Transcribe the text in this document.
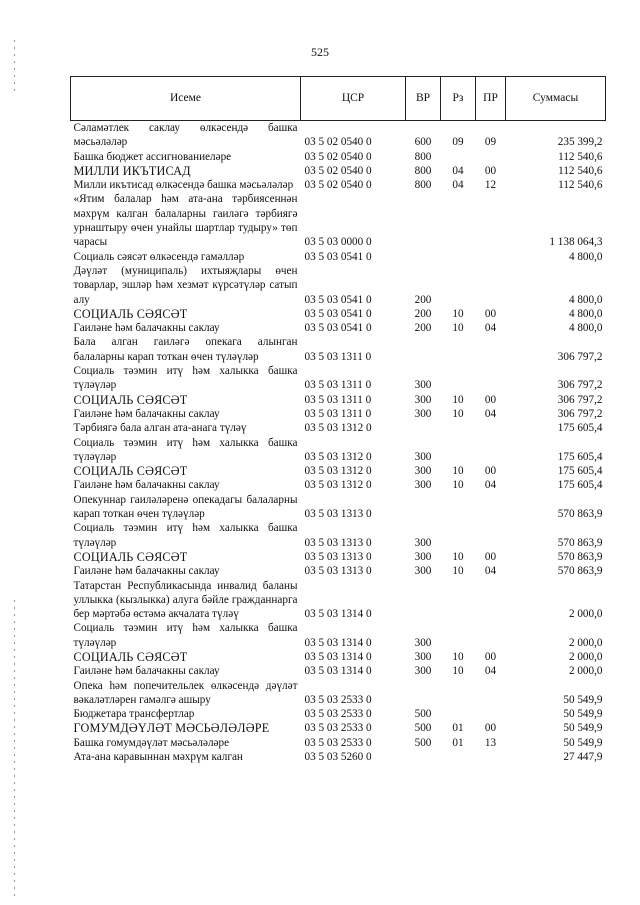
525
Исеме	ЦСР	ВР	Рз	ПР	Суммасы
Сәламәтлек саклау өлкәсендә башка мәсьәләләр	03 5 02 0540 0	600	09	09	235 399,2
Башка бюджет ассигнованиеләре	03 5 02 0540 0	800			112 540,6
МИЛЛИ ИКЪТИСАД	03 5 02 0540 0	800	04	00	112 540,6
Милли икътисад өлкәсендә башка мәсьәләләр	03 5 02 0540 0	800	04	12	112 540,6
«Ятим балалар һәм ата-ана тәрбиясеннән мәхрүм калган балаларны гаиләгә тәрбиягә урнаштыру өчен унайлы шартлар тудыру» төп чарасы	03 5 03 0000 0				1 138 064,3
Социаль сәясәт өлкәсендә гамәлләр	03 5 03 0541 0				4 800,0
Дәүләт (муниципаль) ихтыяҗлары өчен товарлар, эшләр һәм хезмәт күрсәтүләр сатып алу	03 5 03 0541 0	200			4 800,0
СОЦИАЛЬ СӘЯСӘТ	03 5 03 0541 0	200	10	00	4 800,0
Гаиләне һәм балачакны саклау	03 5 03 0541 0	200	10	04	4 800,0
Бала алган гаиләгә опекага алынган балаларны карап тоткан өчен түләүләр	03 5 03 1311 0				306 797,2
Социаль тәэмин итү һәм халыкка башка түләүләр	03 5 03 1311 0	300			306 797,2
СОЦИАЛЬ СӘЯСӘТ	03 5 03 1311 0	300	10	00	306 797,2
Гаиләне һәм балачакны саклау	03 5 03 1311 0	300	10	04	306 797,2
Тәрбиягә бала алган ата-анага түләү	03 5 03 1312 0				175 605,4
Социаль тәэмин итү һәм халыкка башка түләүләр	03 5 03 1312 0	300			175 605,4
СОЦИАЛЬ СӘЯСӘТ	03 5 03 1312 0	300	10	00	175 605,4
Гаиләне һәм балачакны саклау	03 5 03 1312 0	300	10	04	175 605,4
Опекуннар гаиләләренә опекадагы балаларны карап тоткан өчен түләүләр	03 5 03 1313 0				570 863,9
Социаль тәэмин итү һәм халыкка башка түләүләр	03 5 03 1313 0	300			570 863,9
СОЦИАЛЬ СӘЯСӘТ	03 5 03 1313 0	300	10	00	570 863,9
Гаиләне һәм балачакны саклау	03 5 03 1313 0	300	10	04	570 863,9
Татарстан Республикасында инвалид баланы уллыкка (кызлыкка) алуга бәйле гражданнарга бер мәртәбә өстәмә акчалата түләү	03 5 03 1314 0				2 000,0
Социаль тәэмин итү һәм халыкка башка түләүләр	03 5 03 1314 0	300			2 000,0
СОЦИАЛЬ СӘЯСӘТ	03 5 03 1314 0	300	10	00	2 000,0
Гаиләне һәм балачакны саклау	03 5 03 1314 0	300	10	04	2 000,0
Опека һәм попечительлек өлкәсендә дәүләт вәкаләтләрен гамәлгә ашыру	03 5 03 2533 0				50 549,9
Бюджетара трансфертлар	03 5 03 2533 0	500			50 549,9
ГОМУМДӘҮЛӘТ МӘСЬӘЛӘЛӘРЕ	03 5 03 2533 0	500	01	00	50 549,9
Башка гомумдәүләт мәсьәләләре	03 5 03 2533 0	500	01	13	50 549,9
Ата-ана каравыннан мәхрүм калган	03 5 03 5260 0				27 447,9
